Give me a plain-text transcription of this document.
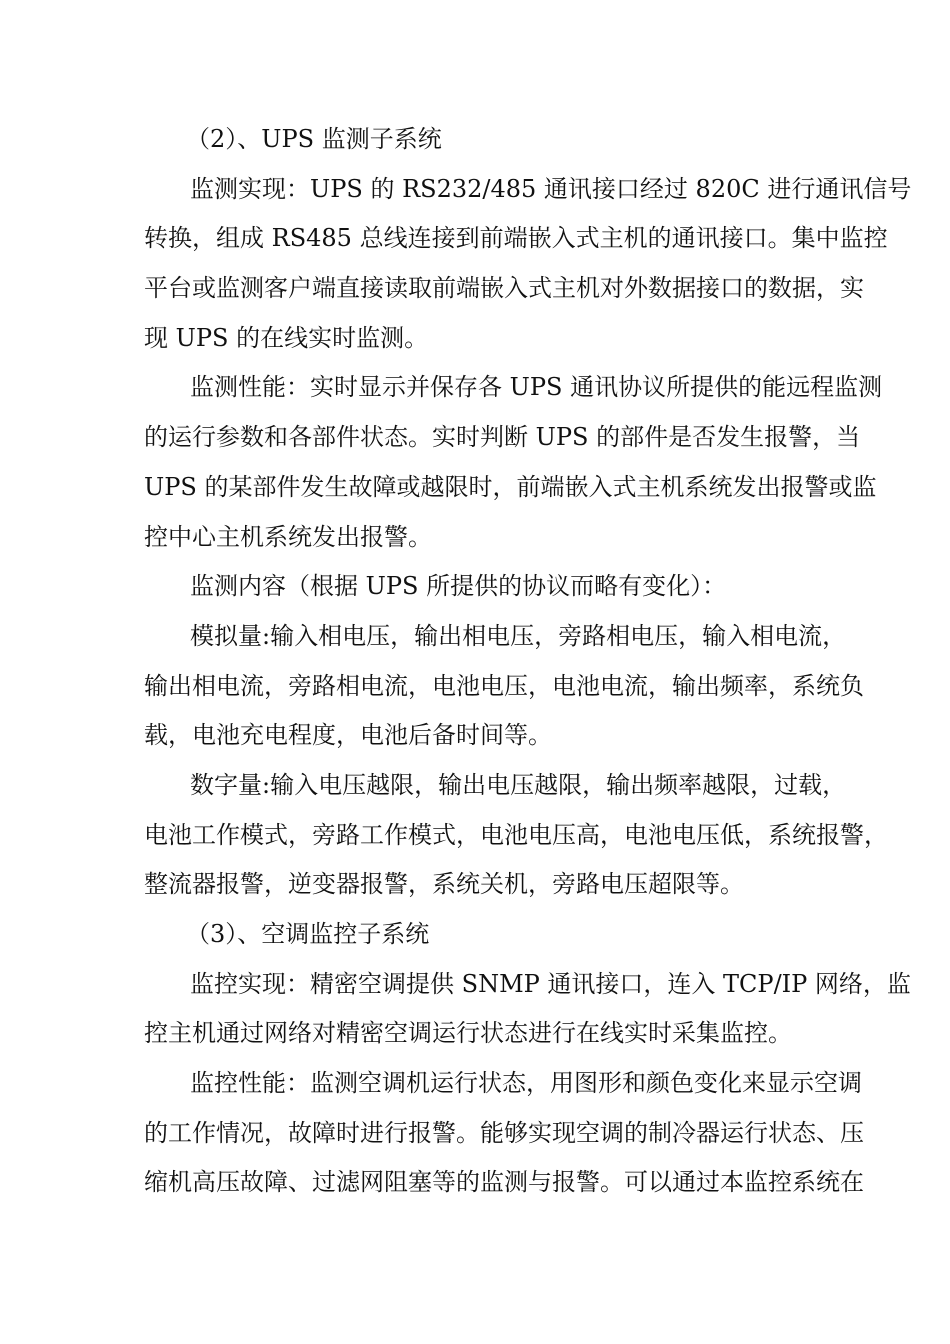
（2）、UPS 监测子系统
监测实现：UPS 的 RS232/485 通讯接口经过 820C 进行通讯信号
转换，组成 RS485 总线连接到前端嵌入式主机的通讯接口。集中监控
平台或监测客户端直接读取前端嵌入式主机对外数据接口的数据，实
现 UPS 的在线实时监测。
监测性能：实时显示并保存各 UPS 通讯协议所提供的能远程监测
的运行参数和各部件状态。实时判断 UPS 的部件是否发生报警，当
UPS 的某部件发生故障或越限时，前端嵌入式主机系统发出报警或监
控中心主机系统发出报警。
监测内容（根据 UPS 所提供的协议而略有变化）：
模拟量:输入相电压，输出相电压，旁路相电压，输入相电流，
输出相电流，旁路相电流，电池电压，电池电流，输出频率，系统负
载，电池充电程度，电池后备时间等。
数字量:输入电压越限，输出电压越限，输出频率越限，过载，
电池工作模式，旁路工作模式，电池电压高，电池电压低，系统报警，
整流器报警，逆变器报警，系统关机，旁路电压超限等。
（3）、空调监控子系统
监控实现：精密空调提供 SNMP 通讯接口，连入 TCP/IP 网络，监
控主机通过网络对精密空调运行状态进行在线实时采集监控。
监控性能：监测空调机运行状态，用图形和颜色变化来显示空调
的工作情况，故障时进行报警。能够实现空调的制冷器运行状态、压
缩机高压故障、过滤网阻塞等的监测与报警。可以通过本监控系统在
